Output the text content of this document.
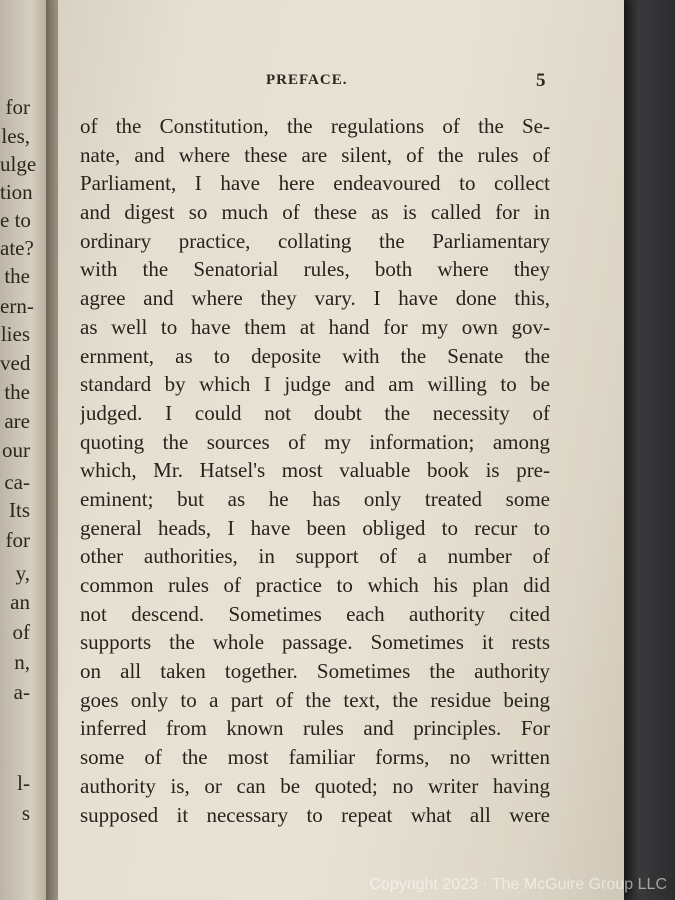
for
les,
ulge
tion
e to
ate?
the
ern-
lies
ved
the
are
our
ca-
Its
for
y,
an
of
n,
a-
l-
s
PREFACE.	5
of the Constitution, the regulations of the Se-
nate, and where these are silent, of the rules of
Parliament, I have here endeavoured to collect
and digest so much of these as is called for in
ordinary practice, collating the Parliamentary
with the Senatorial rules, both where they
agree and where they vary. I have done this,
as well to have them at hand for my own gov-
ernment, as to deposite with the Senate the
standard by which I judge and am willing to be
judged. I could not doubt the necessity of
quoting the sources of my information; among
which, Mr. Hatsel's most valuable book is pre-
eminent; but as he has only treated some
general heads, I have been obliged to recur to
other authorities, in support of a number of
common rules of practice to which his plan did
not descend. Sometimes each authority cited
supports the whole passage. Sometimes it rests
on all taken together. Sometimes the authority
goes only to a part of the text, the residue being
inferred from known rules and principles. For
some of the most familiar forms, no written
authority is, or can be quoted; no writer having
supposed it necessary to repeat what all were
Copyright 2023 · The McGuire Group LLC
